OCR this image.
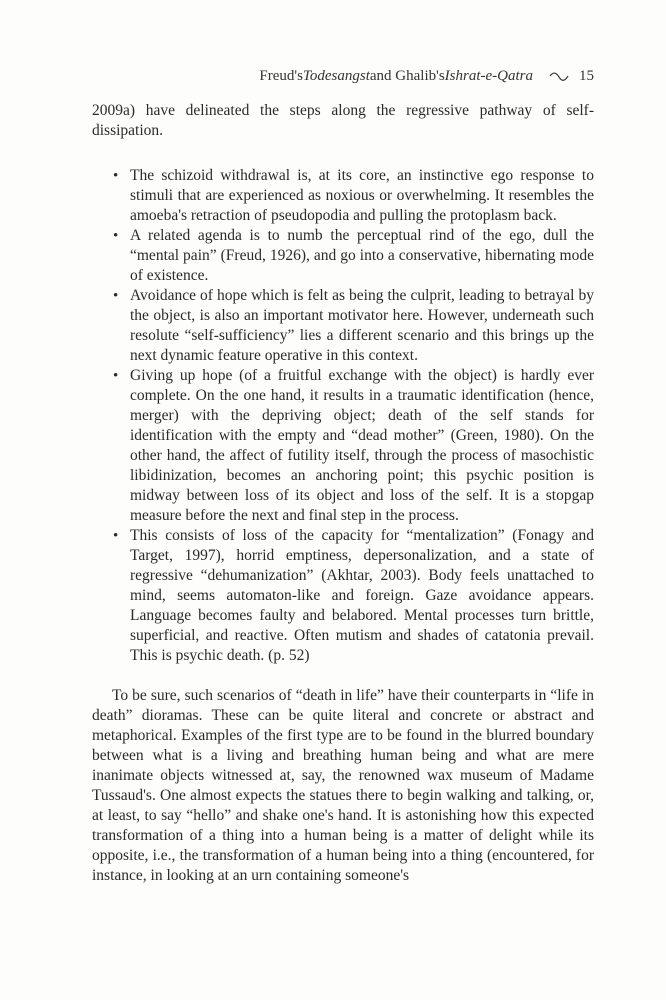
Freud's Todesangst and Ghalib's Ishrat-e-Qatra	15

2009a) have delineated the steps along the regressive pathway of self-dissipation.

• The schizoid withdrawal is, at its core, an instinctive ego response to stimuli that are experienced as noxious or overwhelming. It resembles the amoeba's retraction of pseudopodia and pulling the protoplasm back.
• A related agenda is to numb the perceptual rind of the ego, dull the “mental pain” (Freud, 1926), and go into a conservative, hibernating mode of existence.
• Avoidance of hope which is felt as being the culprit, leading to betrayal by the object, is also an important motivator here. However, underneath such resolute “self-sufficiency” lies a different scenario and this brings up the next dynamic feature operative in this context.
• Giving up hope (of a fruitful exchange with the object) is hardly ever complete. On the one hand, it results in a traumatic identification (hence, merger) with the depriving object; death of the self stands for identification with the empty and “dead mother” (Green, 1980). On the other hand, the affect of futility itself, through the process of masochistic libidinization, becomes an anchoring point; this psychic position is midway between loss of its object and loss of the self. It is a stopgap measure before the next and final step in the process.
• This consists of loss of the capacity for “mentalization” (Fonagy and Target, 1997), horrid emptiness, depersonalization, and a state of regressive “dehumanization” (Akhtar, 2003). Body feels unattached to mind, seems automaton-like and foreign. Gaze avoidance appears. Language becomes faulty and belabored. Mental processes turn brittle, superficial, and reactive. Often mutism and shades of catatonia prevail. This is psychic death. (p. 52)

To be sure, such scenarios of “death in life” have their counterparts in “life in death” dioramas. These can be quite literal and concrete or abstract and metaphorical. Examples of the first type are to be found in the blurred boundary between what is a living and breathing human being and what are mere inanimate objects witnessed at, say, the renowned wax museum of Madame Tussaud's. One almost expects the statues there to begin walking and talking, or, at least, to say “hello” and shake one's hand. It is astonishing how this expected transformation of a thing into a human being is a matter of delight while its opposite, i.e., the transformation of a human being into a thing (encountered, for instance, in looking at an urn containing someone's
